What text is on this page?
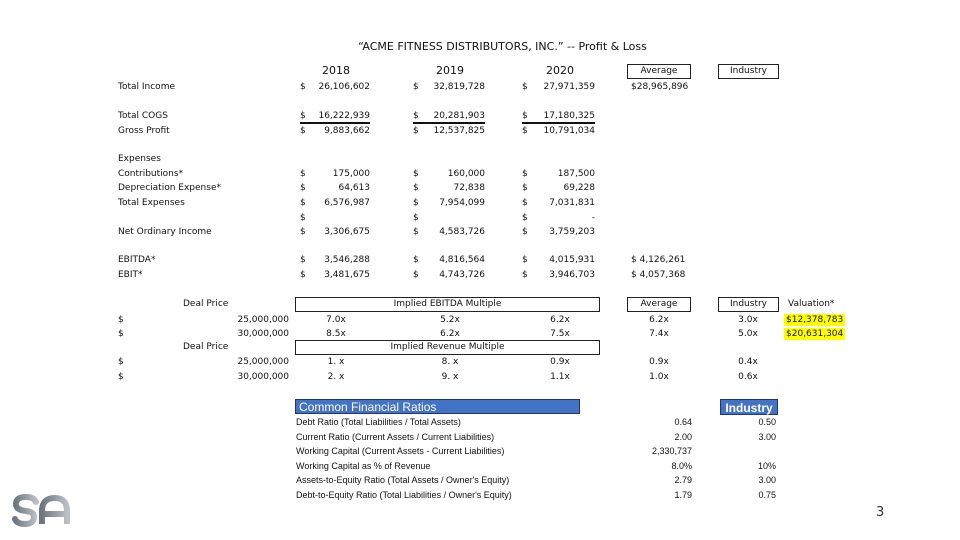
“ACME FITNESS DISTRIBUTORS, INC.” -- Profit & Loss
2018	2019	2020	Average	Industry
Total Income	$	26,106,602	$	32,819,728	$	27,971,359	$28,965,896
Total COGS	$	16,222,939	$	20,281,903	$	17,180,325
Gross Profit	$	9,883,662	$	12,537,825	$	10,791,034
Expenses
Contributions*	$	175,000	$	160,000	$	187,500
Depreciation Expense*	$	64,613	$	72,838	$	69,228
Total Expenses	$	6,576,987	$	7,954,099	$	7,031,831
$	$	$	-
Net Ordinary Income	$	3,306,675	$	4,583,726	$	3,759,203
EBITDA*	$	3,546,288	$	4,816,564	$	4,015,931	$ 4,126,261
EBIT*	$	3,481,675	$	4,743,726	$	3,946,703	$ 4,057,368
Deal Price	Implied EBITDA Multiple	Average	Industry	Valuation*
Deal Price	Implied Revenue Multiple
$	25,000,000	7.0x	5.2x	6.2x	6.2x	3.0x	$12,378,783
$	30,000,000	8.5x	6.2x	7.5x	7.4x	5.0x	$20,631,304
$	25,000,000	1. x	8. x	0.9x	0.9x	0.4x
$	30,000,000	2. x	9. x	1.1x	1.0x	0.6x
Common Financial Ratios	Industry
Debt Ratio (Total Liabilities / Total Assets)	0.64	0.50
Current Ratio (Current Assets / Current Liabilities)	2.00	3.00
Working Capital (Current Assets - Current Liabilities)	2,330,737
Working Capital as % of Revenue	8.0%	10%
Assets-to-Equity Ratio (Total Assets / Owner's Equity)	2.79	3.00
Debt-to-Equity Ratio (Total Liabilities / Owner's Equity)	1.79	0.75
3
